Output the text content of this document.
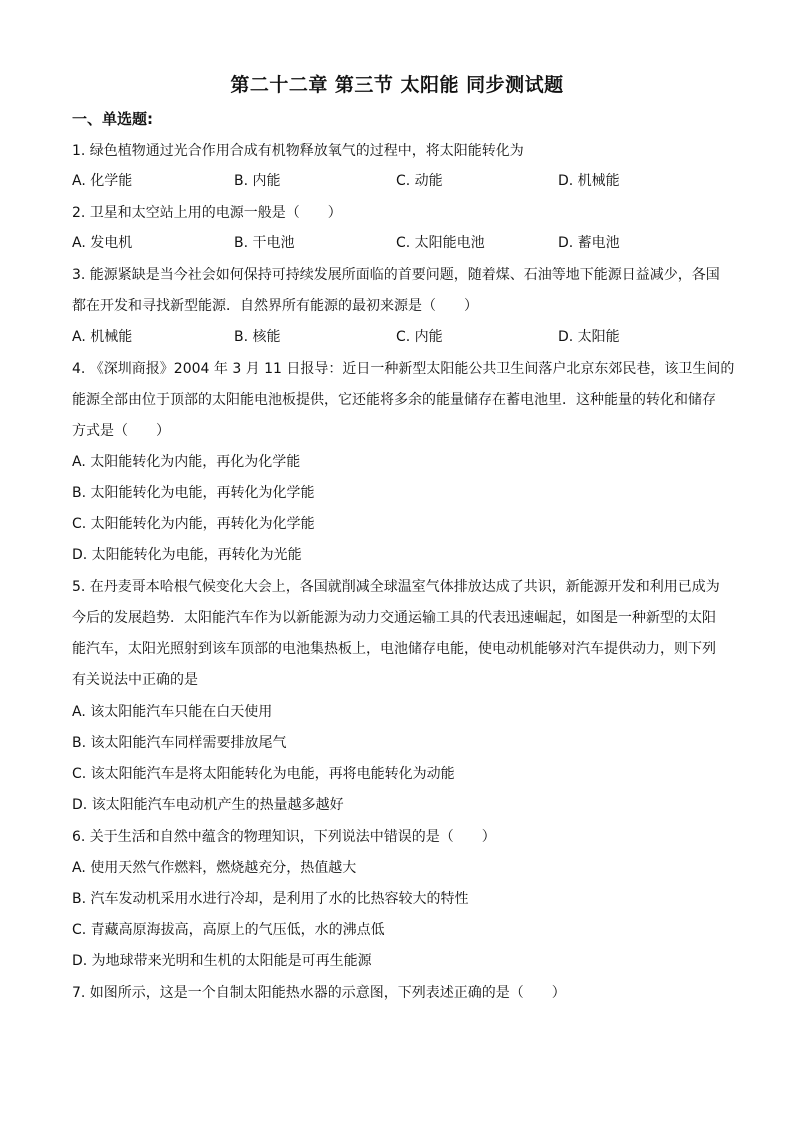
第二十二章 第三节 太阳能 同步测试题
一、单选题:
1. 绿色植物通过光合作用合成有机物释放氧气的过程中，将太阳能转化为
A. 化学能	B. 内能	C. 动能	D. 机械能
2. 卫星和太空站上用的电源一般是（　　）
A. 发电机	B. 干电池	C. 太阳能电池	D. 蓄电池
3. 能源紧缺是当今社会如何保持可持续发展所面临的首要问题，随着煤、石油等地下能源日益减少，各国
都在开发和寻找新型能源．自然界所有能源的最初来源是（　　）
A. 机械能	B. 核能	C. 内能	D. 太阳能
4. 《深圳商报》2004 年 3 月 11 日报导：近日一种新型太阳能公共卫生间落户北京东郊民巷，该卫生间的
能源全部由位于顶部的太阳能电池板提供，它还能将多余的能量储存在蓄电池里．这种能量的转化和储存
方式是（　　）
A. 太阳能转化为内能，再化为化学能
B. 太阳能转化为电能，再转化为化学能
C. 太阳能转化为内能，再转化为化学能
D. 太阳能转化为电能，再转化为光能
5. 在丹麦哥本哈根气候变化大会上，各国就削减全球温室气体排放达成了共识，新能源开发和利用已成为
今后的发展趋势．太阳能汽车作为以新能源为动力交通运输工具的代表迅速崛起，如图是一种新型的太阳
能汽车，太阳光照射到该车顶部的电池集热板上，电池储存电能，使电动机能够对汽车提供动力，则下列
有关说法中正确的是
A. 该太阳能汽车只能在白天使用
B. 该太阳能汽车同样需要排放尾气
C. 该太阳能汽车是将太阳能转化为电能，再将电能转化为动能
D. 该太阳能汽车电动机产生的热量越多越好
6. 关于生活和自然中蕴含的物理知识，下列说法中错误的是（　　）
A. 使用天然气作燃料，燃烧越充分，热值越大
B. 汽车发动机采用水进行冷却，是利用了水的比热容较大的特性
C. 青藏高原海拔高，高原上的气压低，水的沸点低
D. 为地球带来光明和生机的太阳能是可再生能源
7. 如图所示，这是一个自制太阳能热水器的示意图，下列表述正确的是（　　）
